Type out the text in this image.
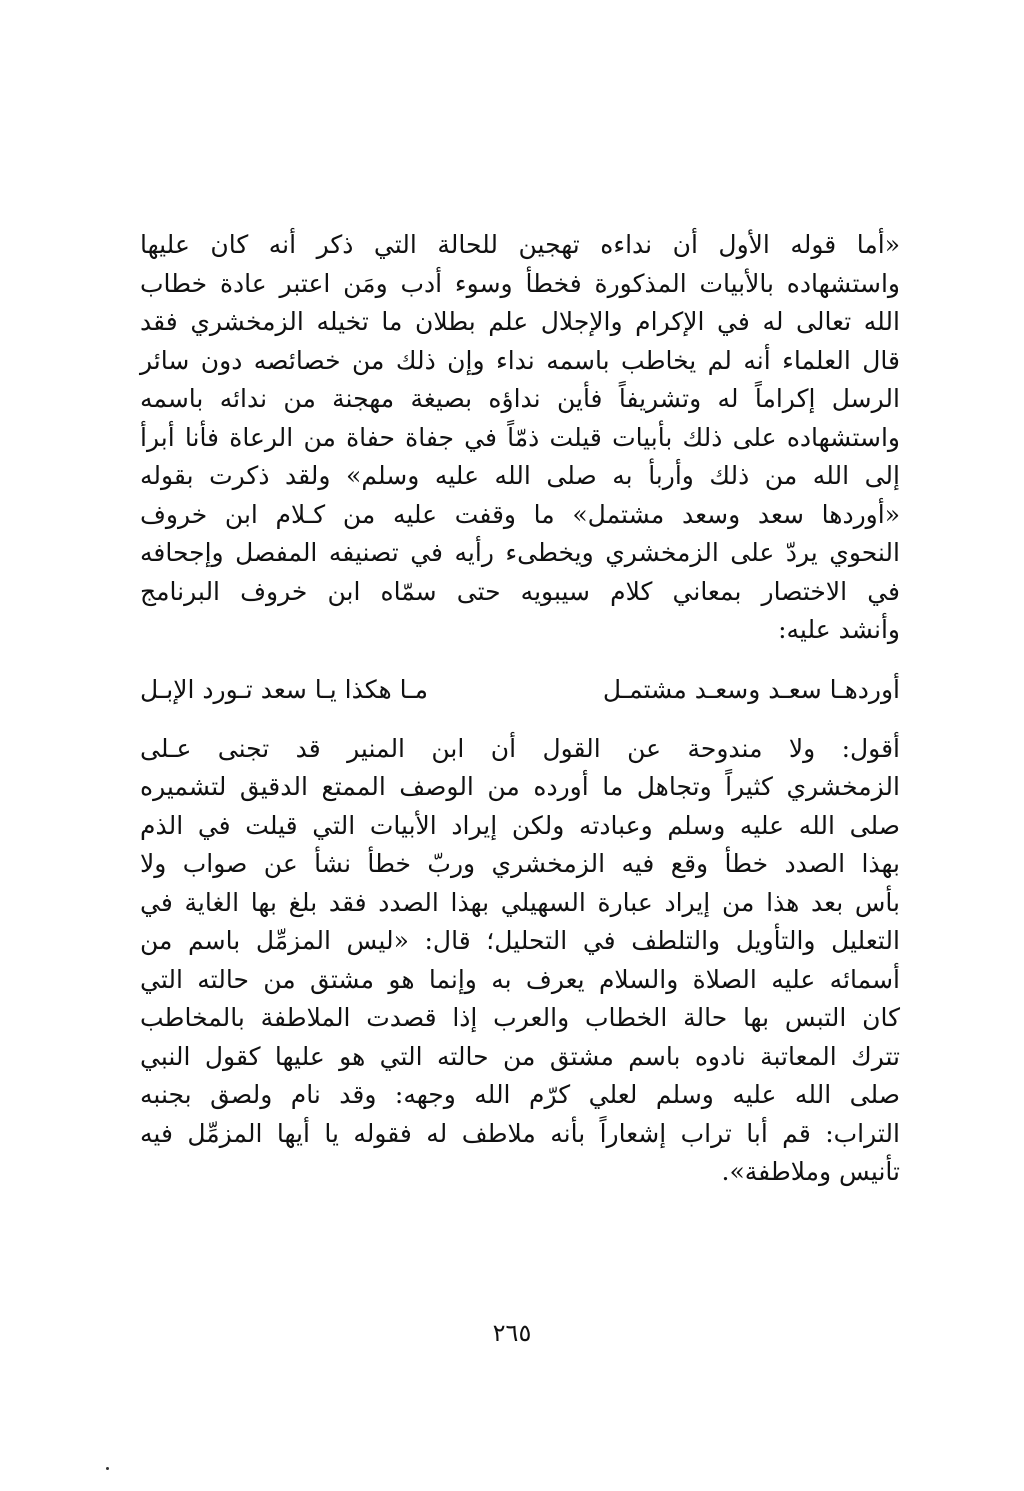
«أما قوله الأول أن نداءه تهجين للحالة التي ذكر أنه كان عليها
واستشهاده بالأبيات المذكورة فخطأ وسوء أدب ومَن اعتبر عادة خطاب
الله تعالى له في الإكرام والإجلال علم بطلان ما تخيله الزمخشري فقد
قال العلماء أنه لم يخاطب باسمه نداء وإن ذلك من خصائصه دون سائر
الرسل إكراماً له وتشريفاً فأين نداؤه بصيغة مهجنة من ندائه باسمه
واستشهاده على ذلك بأبيات قيلت ذمّاً في جفاة حفاة من الرعاة فأنا أبرأ
إلى الله من ذلك وأربأ به صلى الله عليه وسلم» ولقد ذكرت بقوله
«أوردها سعد وسعد مشتمل» ما وقفت عليه من كـلام ابن خروف
النحوي يردّ على الزمخشري ويخطىء رأيه في تصنيفه المفصل وإجحافه
في الاختصار بمعاني كلام سيبويه حتى سمّاه ابن خروف البرنامج
وأنشد عليه:
أوردهـا سعـد وسعـد مشتمـل
مـا هكذا يـا سعد تـورد الإبـل
أقول: ولا مندوحة عن القول أن ابن المنير قد تجنى عـلى
الزمخشري كثيراً وتجاهل ما أورده من الوصف الممتع الدقيق لتشميره
صلى الله عليه وسلم وعبادته ولكن إيراد الأبيات التي قيلت في الذم
بهذا الصدد خطأ وقع فيه الزمخشري وربّ خطأ نشأ عن صواب ولا
بأس بعد هذا من إيراد عبارة السهيلي بهذا الصدد فقد بلغ بها الغاية في
التعليل والتأويل والتلطف في التحليل؛ قال: «ليس المزمِّل باسم من
أسمائه عليه الصلاة والسلام يعرف به وإنما هو مشتق من حالته التي
كان التبس بها حالة الخطاب والعرب إذا قصدت الملاطفة بالمخاطب
تترك المعاتبة نادوه باسم مشتق من حالته التي هو عليها كقول النبي
صلى الله عليه وسلم لعلي كرّم الله وجهه: وقد نام ولصق بجنبه
التراب: قم أبا تراب إشعاراً بأنه ملاطف له فقوله يا أيها المزمِّل فيه
تأنيس وملاطفة».
٢٦٥
